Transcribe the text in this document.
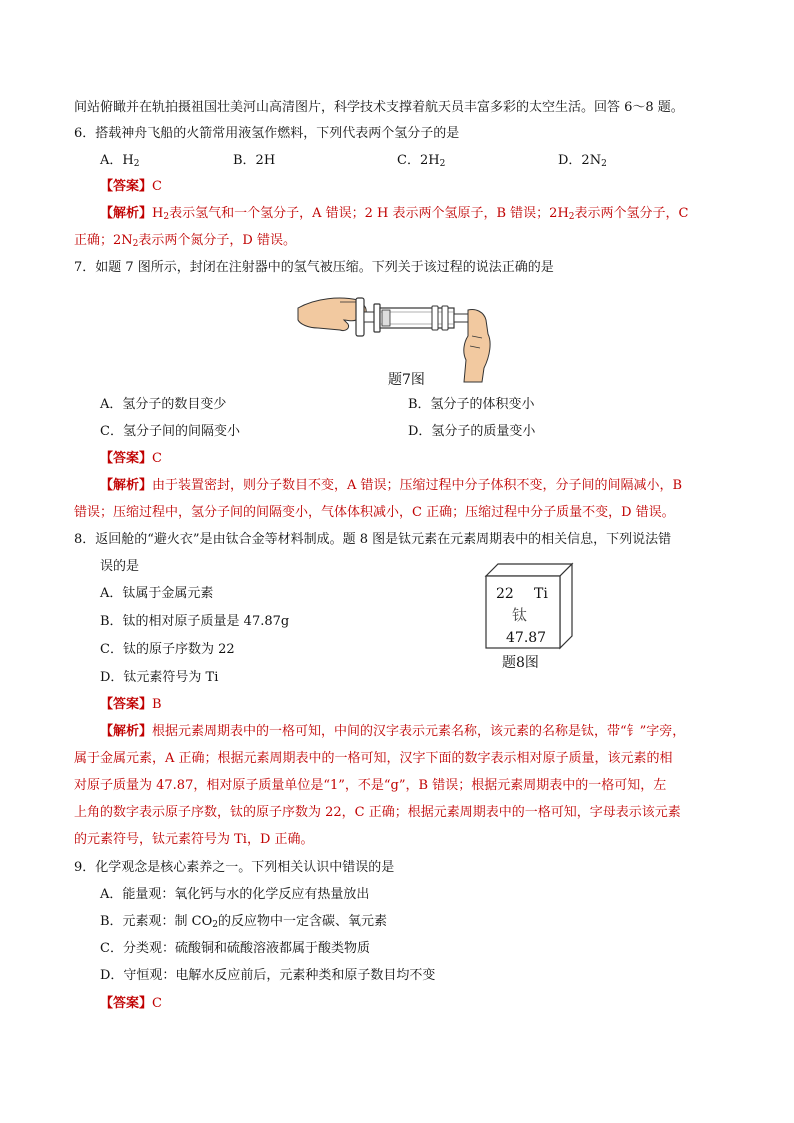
间站俯瞰并在轨拍摄祖国壮美河山高清图片，科学技术支撑着航天员丰富多彩的太空生活。回答 6～8 题。
6．搭载神舟飞船的火箭常用液氢作燃料，下列代表两个氢分子的是
A．$H_2$	B．2H	C．$2H_2$	D．$2N_2$
【答案】C
【解析】$H_2$表示氢气和一个氢分子，A 错误；2 H 表示两个氢原子，B 错误；$2H_2$表示两个氢分子，C
正确；$2N_2$表示两个氮分子，D 错误。
7．如题 7 图所示，封闭在注射器中的氢气被压缩。下列关于该过程的说法正确的是
题7图
A．氢分子的数目变少	B．氢分子的体积变小
C．氢分子间的间隔变小	D．氢分子的质量变小
【答案】C
【解析】由于装置密封，则分子数目不变，A 错误；压缩过程中分子体积不变，分子间的间隔减小，B
错误；压缩过程中，氢分子间的间隔变小，气体体积减小，C 正确；压缩过程中分子质量不变，D 错误。
8．返回舱的“避火衣”是由钛合金等材料制成。题 8 图是钛元素在元素周期表中的相关信息，下列说法错
误的是
A．钛属于金属元素
B．钛的相对原子质量是 47.87g
C．钛的原子序数为 22
D．钛元素符号为 Ti
22 Ti
钛
47.87
题8图
【答案】B
【解析】根据元素周期表中的一格可知，中间的汉字表示元素名称，该元素的名称是钛，带“钅”字旁，
属于金属元素，A 正确；根据元素周期表中的一格可知，汉字下面的数字表示相对原子质量，该元素的相
对原子质量为 47.87，相对原子质量单位是“1”，不是“g”，B 错误；根据元素周期表中的一格可知，左
上角的数字表示原子序数，钛的原子序数为 22，C 正确；根据元素周期表中的一格可知，字母表示该元素
的元素符号，钛元素符号为 Ti，D 正确。
9．化学观念是核心素养之一。下列相关认识中错误的是
A．能量观：氧化钙与水的化学反应有热量放出
B．元素观：制 $CO_2$的反应物中一定含碳、氧元素
C．分类观：硫酸铜和硫酸溶液都属于酸类物质
D．守恒观：电解水反应前后，元素种类和原子数目均不变
【答案】C
